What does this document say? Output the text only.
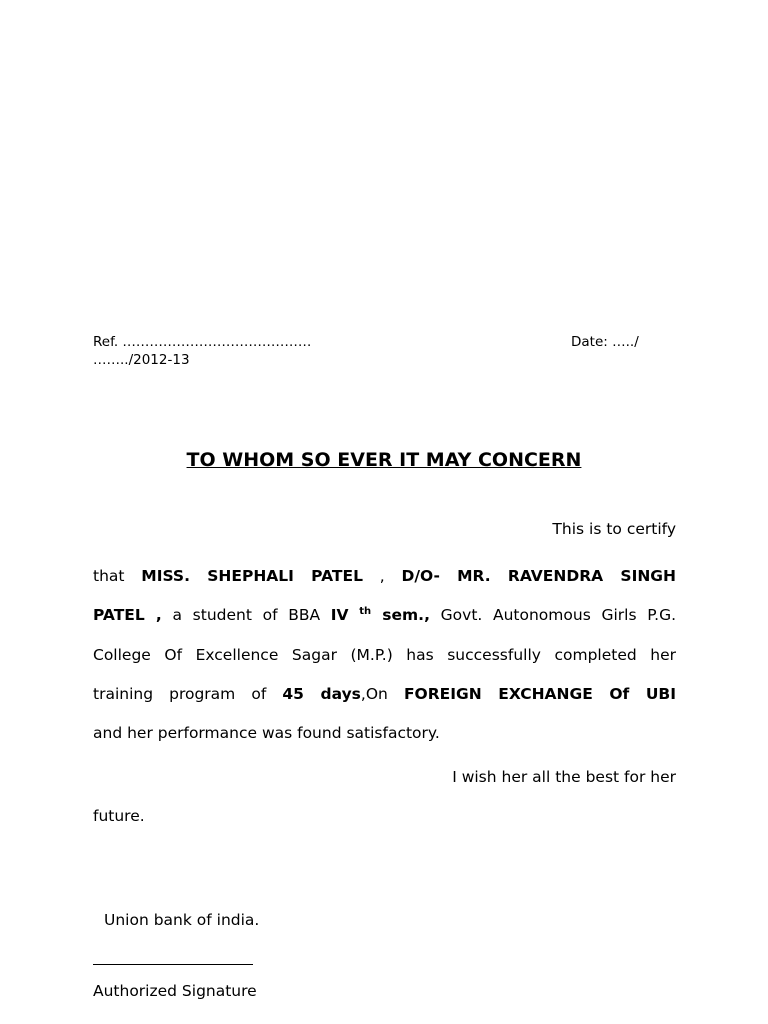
Ref. ……………………………………	Date: …../

……../2012-13

TO WHOM SO EVER IT MAY CONCERN

This is to certify

that MISS. SHEPHALI PATEL , D/O- MR. RAVENDRA SINGH
PATEL , a student of BBA IV $^{th}$ sem., Govt. Autonomous Girls P.G.
College Of Excellence Sagar (M.P.) has successfully completed her
training program of 45 days,On FOREIGN EXCHANGE Of UBI
and her performance was found satisfactory.

I wish her all the best for her

future.

Union bank of india.

Authorized Signature
